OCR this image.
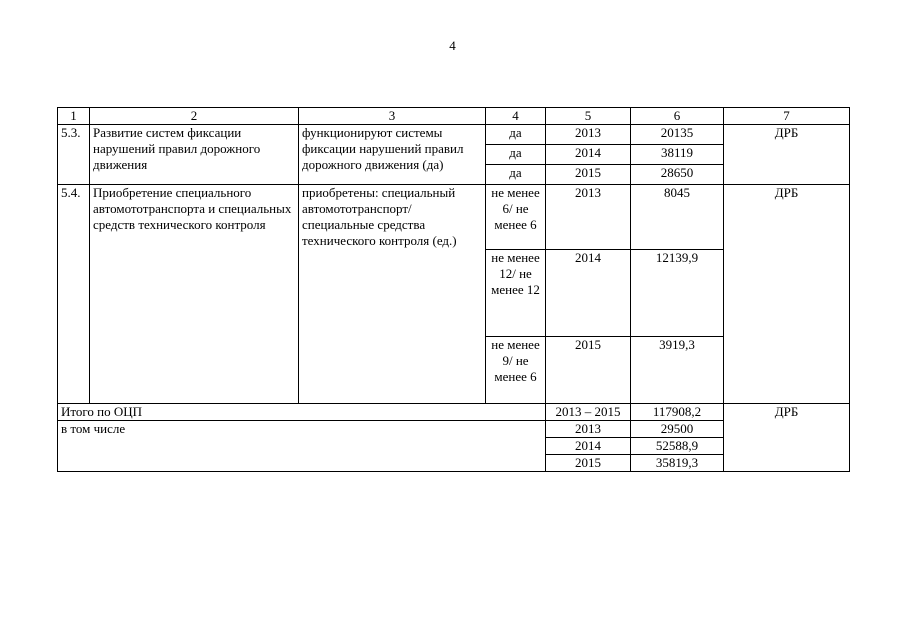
4
1	2	3	4	5	6	7
5.3.	Развитие систем фиксации нарушений правил дорожного движения	функционируют системы фиксации нарушений правил дорожного движения (да)	да	2013	20135	ДРБ
			да	2014	38119	
			да	2015	28650	
5.4.	Приобретение специального автомототранспорта и специальных средств технического контроля	приобретены: специальный автомототранспорт/ специальные средства технического контроля (ед.)	не менее 6/ не менее 6	2013	8045	ДРБ
			не менее 12/ не менее 12	2014	12139,9	
			не менее 9/ не менее 6	2015	3919,3	
Итого по ОЦП				2013 – 2015	117908,2	ДРБ
в том числе				2013	29500	
				2014	52588,9	
				2015	35819,3	
